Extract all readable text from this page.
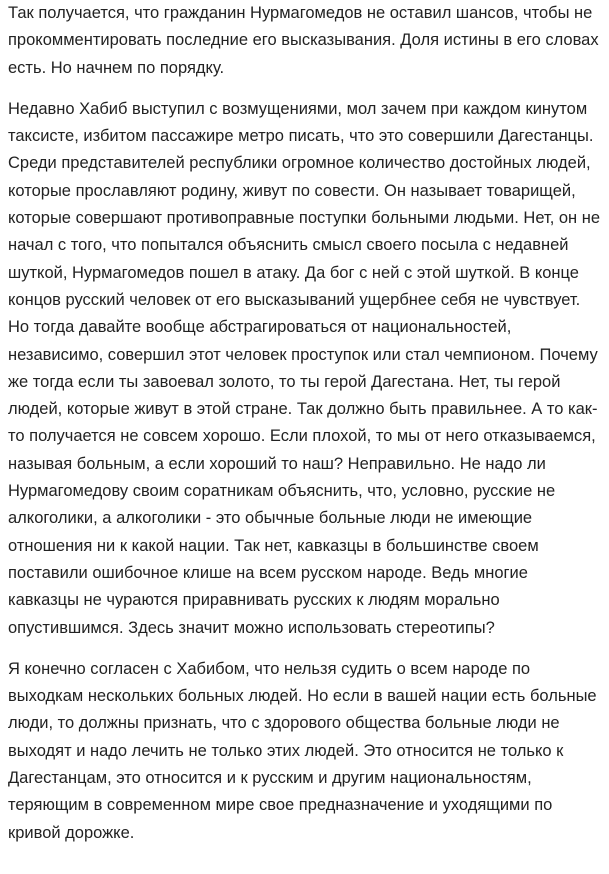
Так получается, что гражданин Нурмагомедов не оставил шансов, чтобы не прокомментировать последние его высказывания. Доля истины в его словах есть. Но начнем по порядку.

Недавно Хабиб выступил с возмущениями, мол зачем при каждом кинутом таксисте, избитом пассажире метро писать, что это совершили Дагестанцы. Среди представителей республики огромное количество достойных людей, которые прославляют родину, живут по совести. Он называет товарищей, которые совершают противоправные поступки больными людьми. Нет, он не начал с того, что попытался объяснить смысл своего посыла с недавней шуткой, Нурмагомедов пошел в атаку. Да бог с ней с этой шуткой. В конце концов русский человек от его высказываний ущербнее себя не чувствует. Но тогда давайте вообще абстрагироваться от национальностей, независимо, совершил этот человек проступок или стал чемпионом. Почему же тогда если ты завоевал золото, то ты герой Дагестана. Нет, ты герой людей, которые живут в этой стране. Так должно быть правильнее. А то как-то получается не совсем хорошо. Если плохой, то мы от него отказываемся, называя больным, а если хороший то наш? Неправильно. Не надо ли Нурмагомедову своим соратникам объяснить, что, условно, русские не алкоголики, а алкоголики - это обычные больные люди не имеющие отношения ни к какой нации. Так нет, кавказцы в большинстве своем поставили ошибочное клише на всем русском народе. Ведь многие кавказцы не чураются приравнивать русских к людям морально опустившимся. Здесь значит можно использовать стереотипы?

Я конечно согласен с Хабибом, что нельзя судить о всем народе по выходкам нескольких больных людей. Но если в вашей нации есть больные люди, то должны признать, что с здорового общества больные люди не выходят и надо лечить не только этих людей. Это относится не только к Дагестанцам, это относится и к русским и другим национальностям, теряющим в современном мире свое предназначение и уходящими по кривой дорожке.
